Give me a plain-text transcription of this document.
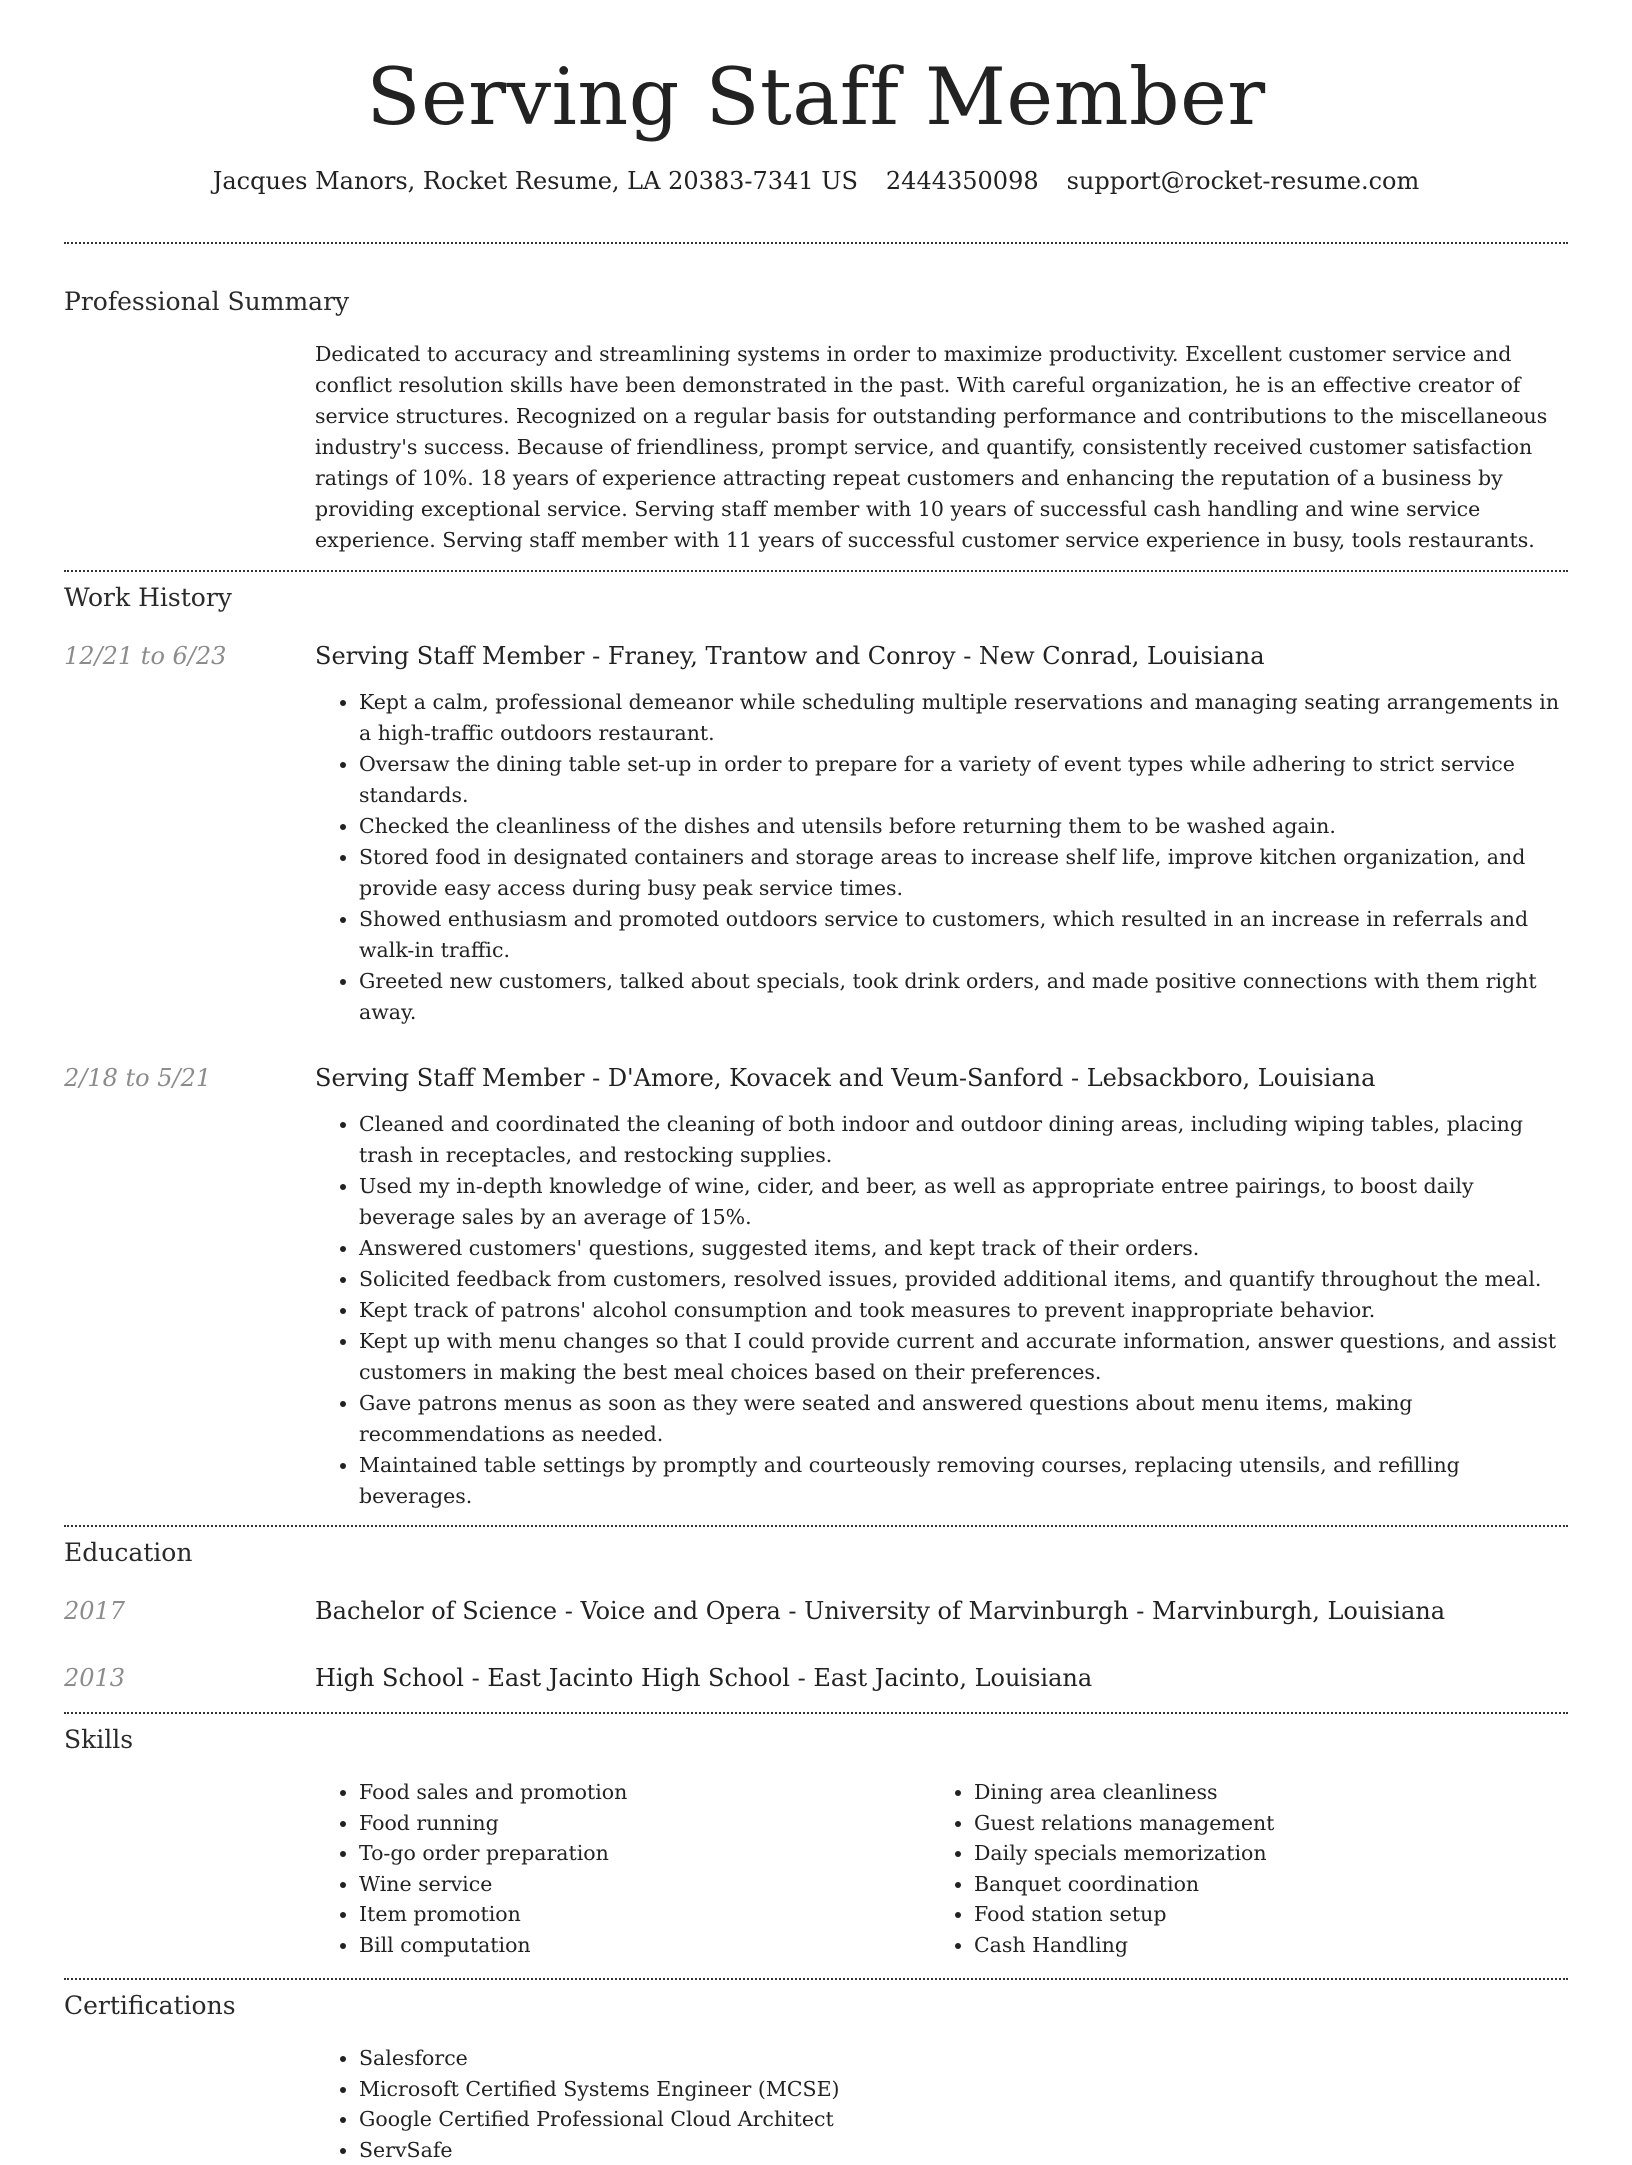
Serving Staff Member
Jacques Manors, Rocket Resume, LA 20383-7341 US 2444350098 support@rocket-resume.com
Professional Summary
Dedicated to accuracy and streamlining systems in order to maximize productivity. Excellent customer service and conflict resolution skills have been demonstrated in the past. With careful organization, he is an effective creator of service structures. Recognized on a regular basis for outstanding performance and contributions to the miscellaneous industry's success. Because of friendliness, prompt service, and quantify, consistently received customer satisfaction ratings of 10%. 18 years of experience attracting repeat customers and enhancing the reputation of a business by providing exceptional service. Serving staff member with 10 years of successful cash handling and wine service experience. Serving staff member with 11 years of successful customer service experience in busy, tools restaurants.
Work History
12/21 to 6/23	Serving Staff Member - Franey, Trantow and Conroy - New Conrad, Louisiana
• Kept a calm, professional demeanor while scheduling multiple reservations and managing seating arrangements in a high-traffic outdoors restaurant.
• Oversaw the dining table set-up in order to prepare for a variety of event types while adhering to strict service standards.
• Checked the cleanliness of the dishes and utensils before returning them to be washed again.
• Stored food in designated containers and storage areas to increase shelf life, improve kitchen organization, and provide easy access during busy peak service times.
• Showed enthusiasm and promoted outdoors service to customers, which resulted in an increase in referrals and walk-in traffic.
• Greeted new customers, talked about specials, took drink orders, and made positive connections with them right away.
2/18 to 5/21	Serving Staff Member - D'Amore, Kovacek and Veum-Sanford - Lebsackboro, Louisiana
• Cleaned and coordinated the cleaning of both indoor and outdoor dining areas, including wiping tables, placing trash in receptacles, and restocking supplies.
• Used my in-depth knowledge of wine, cider, and beer, as well as appropriate entree pairings, to boost daily beverage sales by an average of 15%.
• Answered customers' questions, suggested items, and kept track of their orders.
• Solicited feedback from customers, resolved issues, provided additional items, and quantify throughout the meal.
• Kept track of patrons' alcohol consumption and took measures to prevent inappropriate behavior.
• Kept up with menu changes so that I could provide current and accurate information, answer questions, and assist customers in making the best meal choices based on their preferences.
• Gave patrons menus as soon as they were seated and answered questions about menu items, making recommendations as needed.
• Maintained table settings by promptly and courteously removing courses, replacing utensils, and refilling beverages.
Education
2017	Bachelor of Science - Voice and Opera - University of Marvinburgh - Marvinburgh, Louisiana
2013	High School - East Jacinto High School - East Jacinto, Louisiana
Skills
• Food sales and promotion
• Food running
• To-go order preparation
• Wine service
• Item promotion
• Bill computation
• Dining area cleanliness
• Guest relations management
• Daily specials memorization
• Banquet coordination
• Food station setup
• Cash Handling
Certifications
• Salesforce
• Microsoft Certified Systems Engineer (MCSE)
• Google Certified Professional Cloud Architect
• ServSafe
